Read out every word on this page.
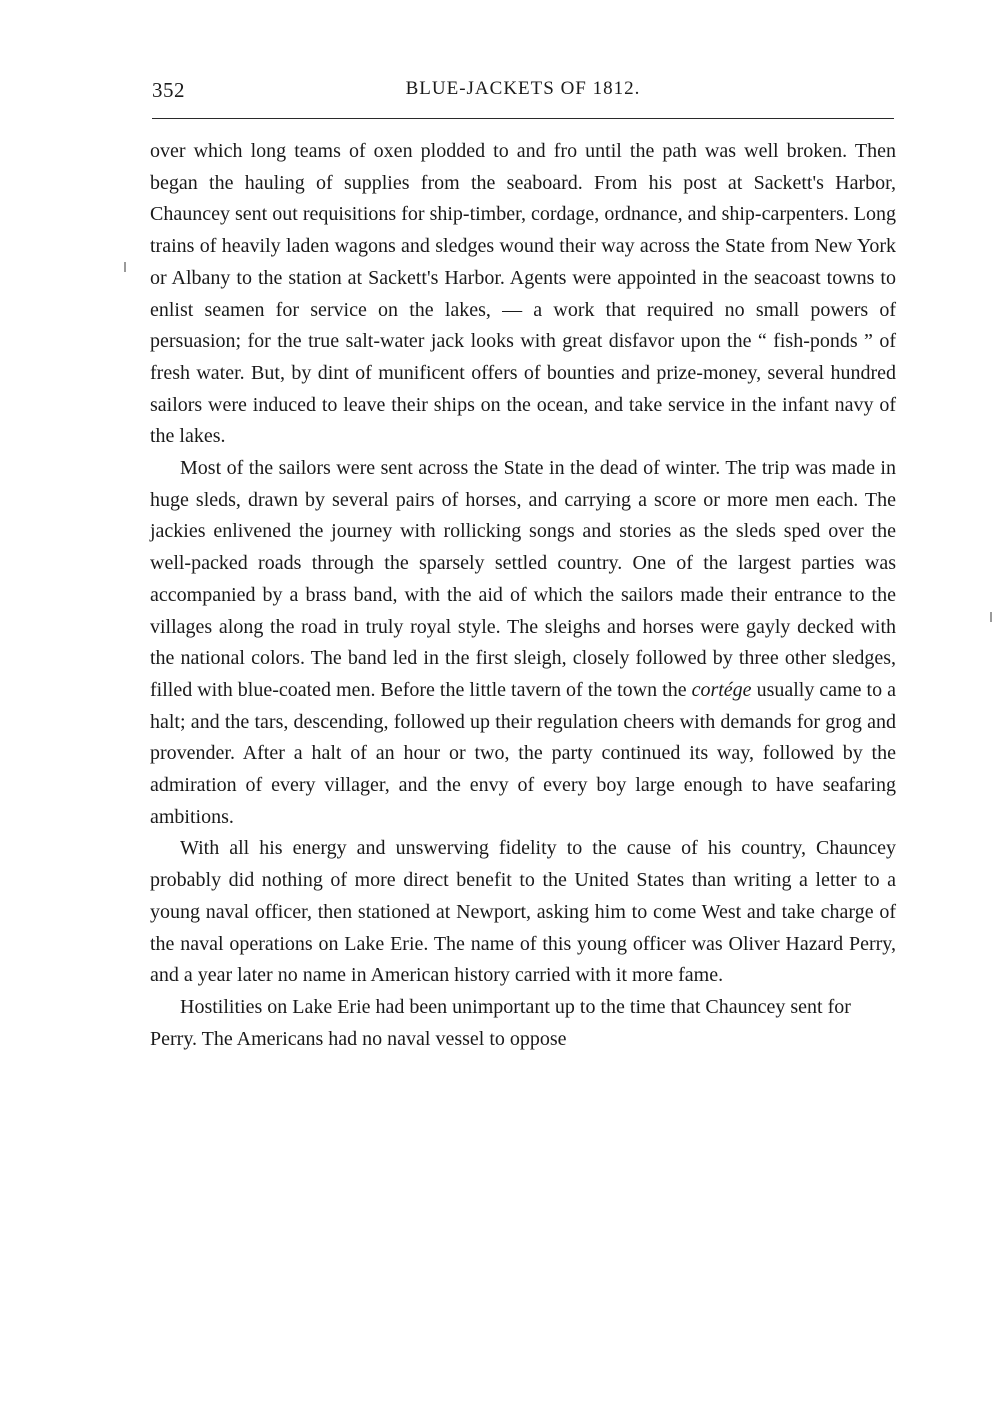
352	BLUE-JACKETS OF 1812.

over which long teams of oxen plodded to and fro until the path was well broken. Then began the hauling of supplies from the seaboard. From his post at Sackett's Harbor, Chauncey sent out requisitions for ship-timber, cordage, ordnance, and ship-carpenters. Long trains of heavily laden wagons and sledges wound their way across the State from New York or Albany to the station at Sackett's Harbor. Agents were appointed in the seacoast towns to enlist seamen for service on the lakes, — a work that required no small powers of persuasion; for the true salt-water jack looks with great disfavor upon the “ fish-ponds ” of fresh water. But, by dint of munificent offers of bounties and prize-money, several hundred sailors were induced to leave their ships on the ocean, and take service in the infant navy of the lakes.

Most of the sailors were sent across the State in the dead of winter. The trip was made in huge sleds, drawn by several pairs of horses, and carrying a score or more men each. The jackies enlivened the journey with rollicking songs and stories as the sleds sped over the well-packed roads through the sparsely settled country. One of the largest parties was accompanied by a brass band, with the aid of which the sailors made their entrance to the villages along the road in truly royal style. The sleighs and horses were gayly decked with the national colors. The band led in the first sleigh, closely followed by three other sledges, filled with blue-coated men. Before the little tavern of the town the cortége usually came to a halt; and the tars, descending, followed up their regulation cheers with demands for grog and provender. After a halt of an hour or two, the party continued its way, followed by the admiration of every villager, and the envy of every boy large enough to have seafaring ambitions.

With all his energy and unswerving fidelity to the cause of his country, Chauncey probably did nothing of more direct benefit to the United States than writing a letter to a young naval officer, then stationed at Newport, asking him to come West and take charge of the naval operations on Lake Erie. The name of this young officer was Oliver Hazard Perry, and a year later no name in American history carried with it more fame.

Hostilities on Lake Erie had been unimportant up to the time that Chauncey sent for Perry. The Americans had no naval vessel to oppose
